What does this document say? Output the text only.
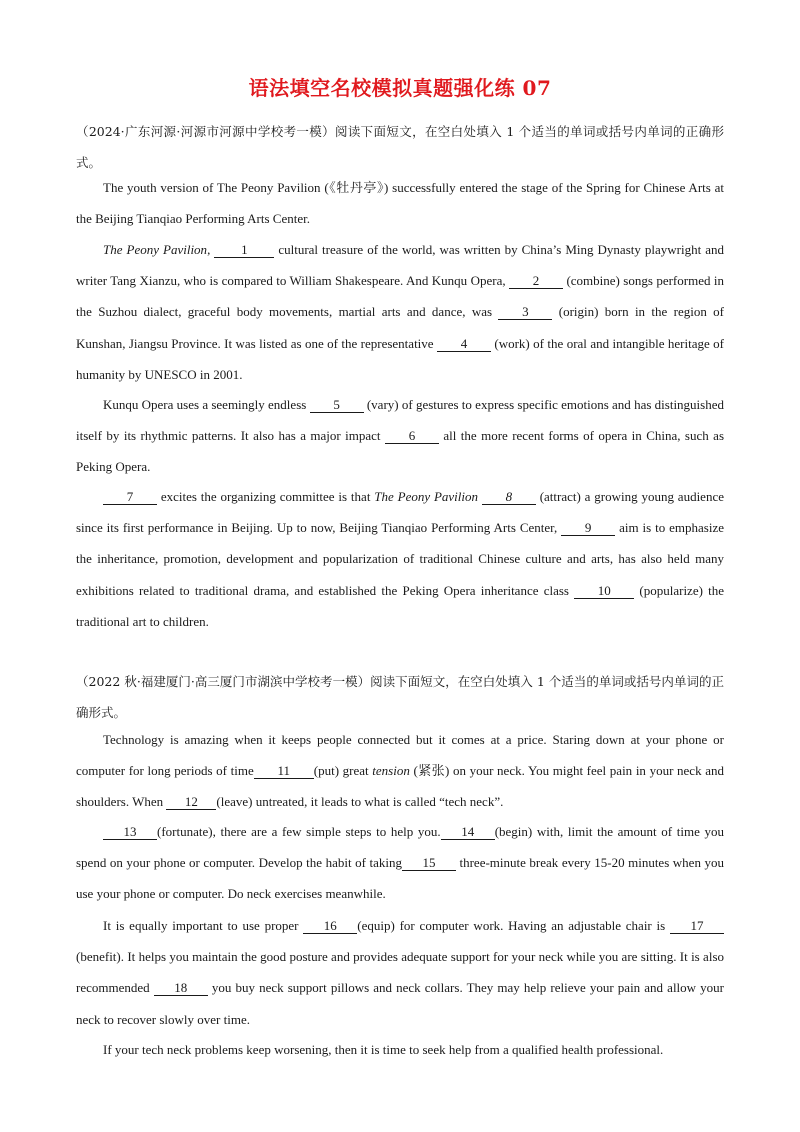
语法填空名校模拟真题强化练 07
（2024·广东河源·河源市河源中学校考一模）阅读下面短文，在空白处填入 1 个适当的单词或括号内单词的正确形式。
The youth version of The Peony Pavilion (《牡丹亭》) successfully entered the stage of the Spring for Chinese Arts at the Beijing Tianqiao Performing Arts Center.
The Peony Pavilion, 1 cultural treasure of the world, was written by China’s Ming Dynasty playwright and writer Tang Xianzu, who is compared to William Shakespeare. And Kunqu Opera, 2 (combine) songs performed in the Suzhou dialect, graceful body movements, martial arts and dance, was 3 (origin) born in the region of Kunshan, Jiangsu Province. It was listed as one of the representative 4 (work) of the oral and intangible heritage of humanity by UNESCO in 2001.
Kunqu Opera uses a seemingly endless 5 (vary) of gestures to express specific emotions and has distinguished itself by its rhythmic patterns. It also has a major impact 6 all the more recent forms of opera in China, such as Peking Opera.
7 excites the organizing committee is that The Peony Pavilion 8 (attract) a growing young audience since its first performance in Beijing. Up to now, Beijing Tianqiao Performing Arts Center, 9 aim is to emphasize the inheritance, promotion, development and popularization of traditional Chinese culture and arts, has also held many exhibitions related to traditional drama, and established the Peking Opera inheritance class 10 (popularize) the traditional art to children.
（2022 秋·福建厦门·高三厦门市湖滨中学校考一模）阅读下面短文，在空白处填入 1 个适当的单词或括号内单词的正确形式。
Technology is amazing when it keeps people connected but it comes at a price. Staring down at your phone or computer for long periods of time 11 (put) great tension (紧张) on your neck. You might feel pain in your neck and shoulders. When 12 (leave) untreated, it leads to what is called “tech neck”.
13 (fortunate), there are a few simple steps to help you. 14 (begin) with, limit the amount of time you spend on your phone or computer. Develop the habit of taking 15 three-minute break every 15-20 minutes when you use your phone or computer. Do neck exercises meanwhile.
It is equally important to use proper 16 (equip) for computer work. Having an adjustable chair is 17(benefit). It helps you maintain the good posture and provides adequate support for your neck while you are sitting. It is also recommended 18 you buy neck support pillows and neck collars. They may help relieve your pain and allow your neck to recover slowly over time.
If your tech neck problems keep worsening, then it is time to seek help from a qualified health professional.
